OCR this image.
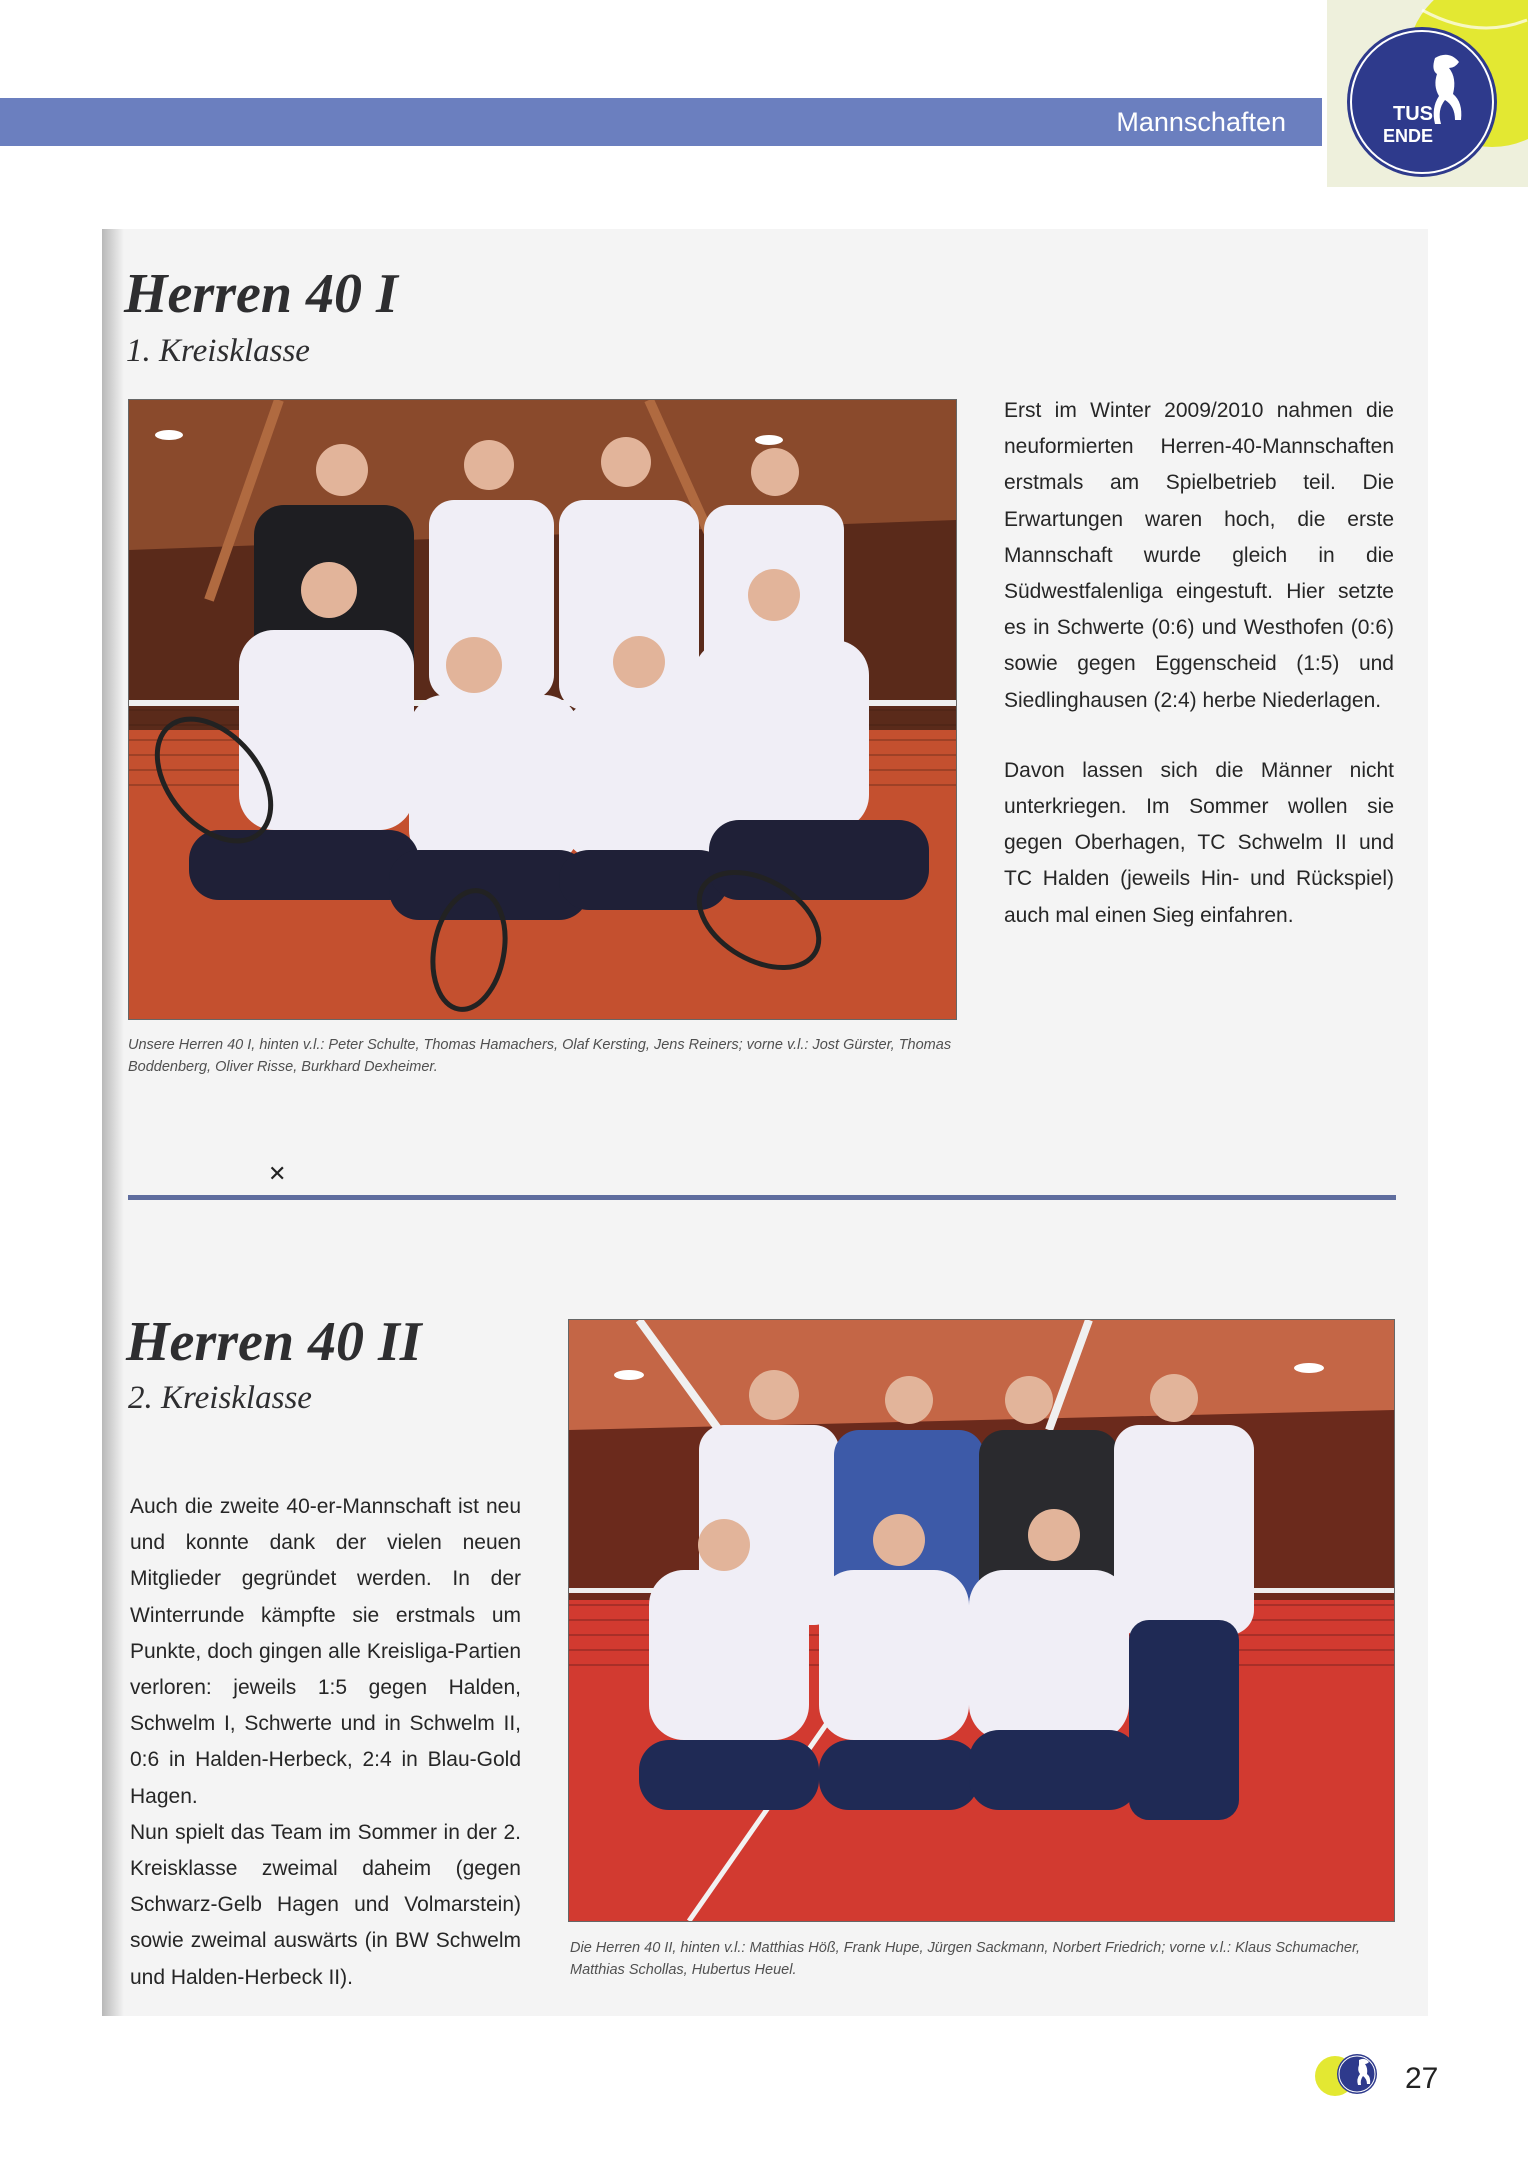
Mannschaften	TUS
ENDE
Herren 40 I
1. Kreisklasse

Erst im Winter 2009/2010 nahmen die neuformierten Herren-40-Mannschaften erstmals am Spielbetrieb teil. Die Erwartungen waren hoch, die erste Mannschaft wurde gleich in die Südwestfalenliga eingestuft. Hier setzte es in Schwerte (0:6) und Westhofen (0:6) sowie gegen Eggenscheid (1:5) und Siedlinghausen (2:4) herbe Niederlagen.

Davon lassen sich die Männer nicht unterkriegen. Im Sommer wollen sie gegen Oberhagen, TC Schwelm II und TC Halden (jeweils Hin- und Rückspiel) auch mal einen Sieg einfahren.

Unsere Herren 40 I, hinten v.l.: Peter Schulte, Thomas Hamachers, Olaf Kersting, Jens Reiners; vorne v.l.: Jost Gürster, Thomas Boddenberg, Oliver Risse, Burkhard Dexheimer.
✕
Herren 40 II
2. Kreisklasse

Auch die zweite 40-er-Mannschaft ist neu und konnte dank der vielen neuen Mitglieder gegründet werden. In der Winterrunde kämpfte sie erstmals um Punkte, doch gingen alle Kreisliga-Partien verloren: jeweils 1:5 gegen Halden, Schwelm I, Schwerte und in Schwelm II, 0:6 in Halden-Herbeck, 2:4 in Blau-Gold Hagen.

Nun spielt das Team im Sommer in der 2. Kreisklasse zweimal daheim (gegen Schwarz-Gelb Hagen und Volmarstein) sowie zweimal auswärts (in BW Schwelm und Halden-Herbeck II).

Die Herren 40 II, hinten v.l.: Matthias Höß, Frank Hupe, Jürgen Sackmann, Norbert Friedrich; vorne v.l.: Klaus Schumacher, Matthias Schollas, Hubertus Heuel.
27
